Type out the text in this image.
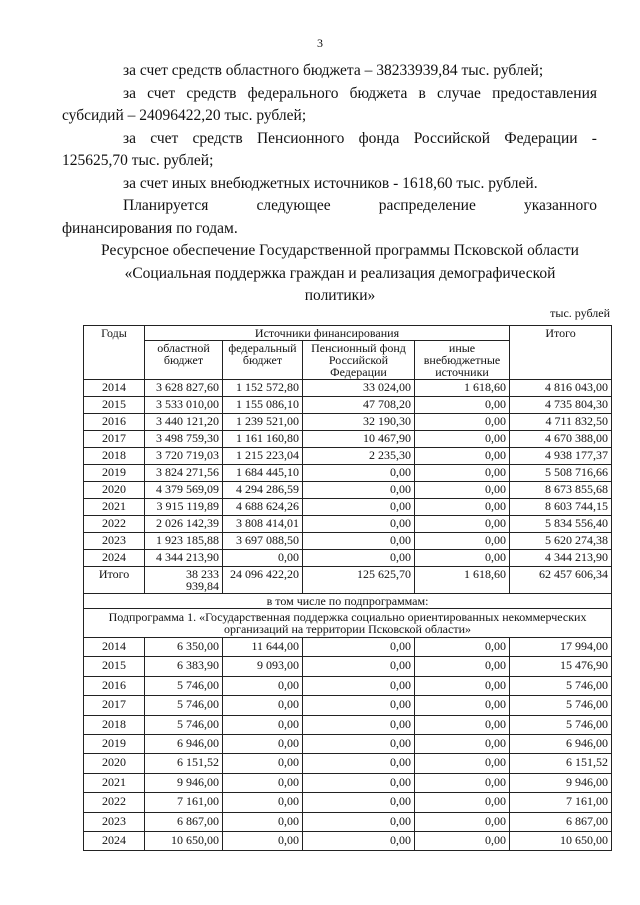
3
за счет средств областного бюджета – 38233939,84 тыс. рублей;
за счет средств федерального бюджета в случае предоставления
субсидий – 24096422,20 тыс. рублей;
за счет средств Пенсионного фонда Российской Федерации -
125625,70 тыс. рублей;
за счет иных внебюджетных источников - 1618,60 тыс. рублей.
Планируется	следующее	распределение	указанного
финансирования по годам.
Ресурсное обеспечение Государственной программы Псковской области
«Социальная поддержка граждан и реализация демографической
политики»
тыс. рублей
Годы	Источники финансирования				Итого
	областной бюджет	федеральный бюджет	Пенсионный фонд Российской Федерации	иные внебюджетные источники	
2014	3 628 827,60	1 152 572,80	33 024,00	1 618,60	4 816 043,00
2015	3 533 010,00	1 155 086,10	47 708,20	0,00	4 735 804,30
2016	3 440 121,20	1 239 521,00	32 190,30	0,00	4 711 832,50
2017	3 498 759,30	1 161 160,80	10 467,90	0,00	4 670 388,00
2018	3 720 719,03	1 215 223,04	2 235,30	0,00	4 938 177,37
2019	3 824 271,56	1 684 445,10	0,00	0,00	5 508 716,66
2020	4 379 569,09	4 294 286,59	0,00	0,00	8 673 855,68
2021	3 915 119,89	4 688 624,26	0,00	0,00	8 603 744,15
2022	2 026 142,39	3 808 414,01	0,00	0,00	5 834 556,40
2023	1 923 185,88	3 697 088,50	0,00	0,00	5 620 274,38
2024	4 344 213,90	0,00	0,00	0,00	4 344 213,90
Итого	38 233 939,84	24 096 422,20	125 625,70	1 618,60	62 457 606,34
в том числе по подпрограммам:					
Подпрограмма 1. «Государственная поддержка социально ориентированных некоммерческих организаций на территории Псковской области»					
2014	6 350,00	11 644,00	0,00	0,00	17 994,00
2015	6 383,90	9 093,00	0,00	0,00	15 476,90
2016	5 746,00	0,00	0,00	0,00	5 746,00
2017	5 746,00	0,00	0,00	0,00	5 746,00
2018	5 746,00	0,00	0,00	0,00	5 746,00
2019	6 946,00	0,00	0,00	0,00	6 946,00
2020	6 151,52	0,00	0,00	0,00	6 151,52
2021	9 946,00	0,00	0,00	0,00	9 946,00
2022	7 161,00	0,00	0,00	0,00	7 161,00
2023	6 867,00	0,00	0,00	0,00	6 867,00
2024	10 650,00	0,00	0,00	0,00	10 650,00
